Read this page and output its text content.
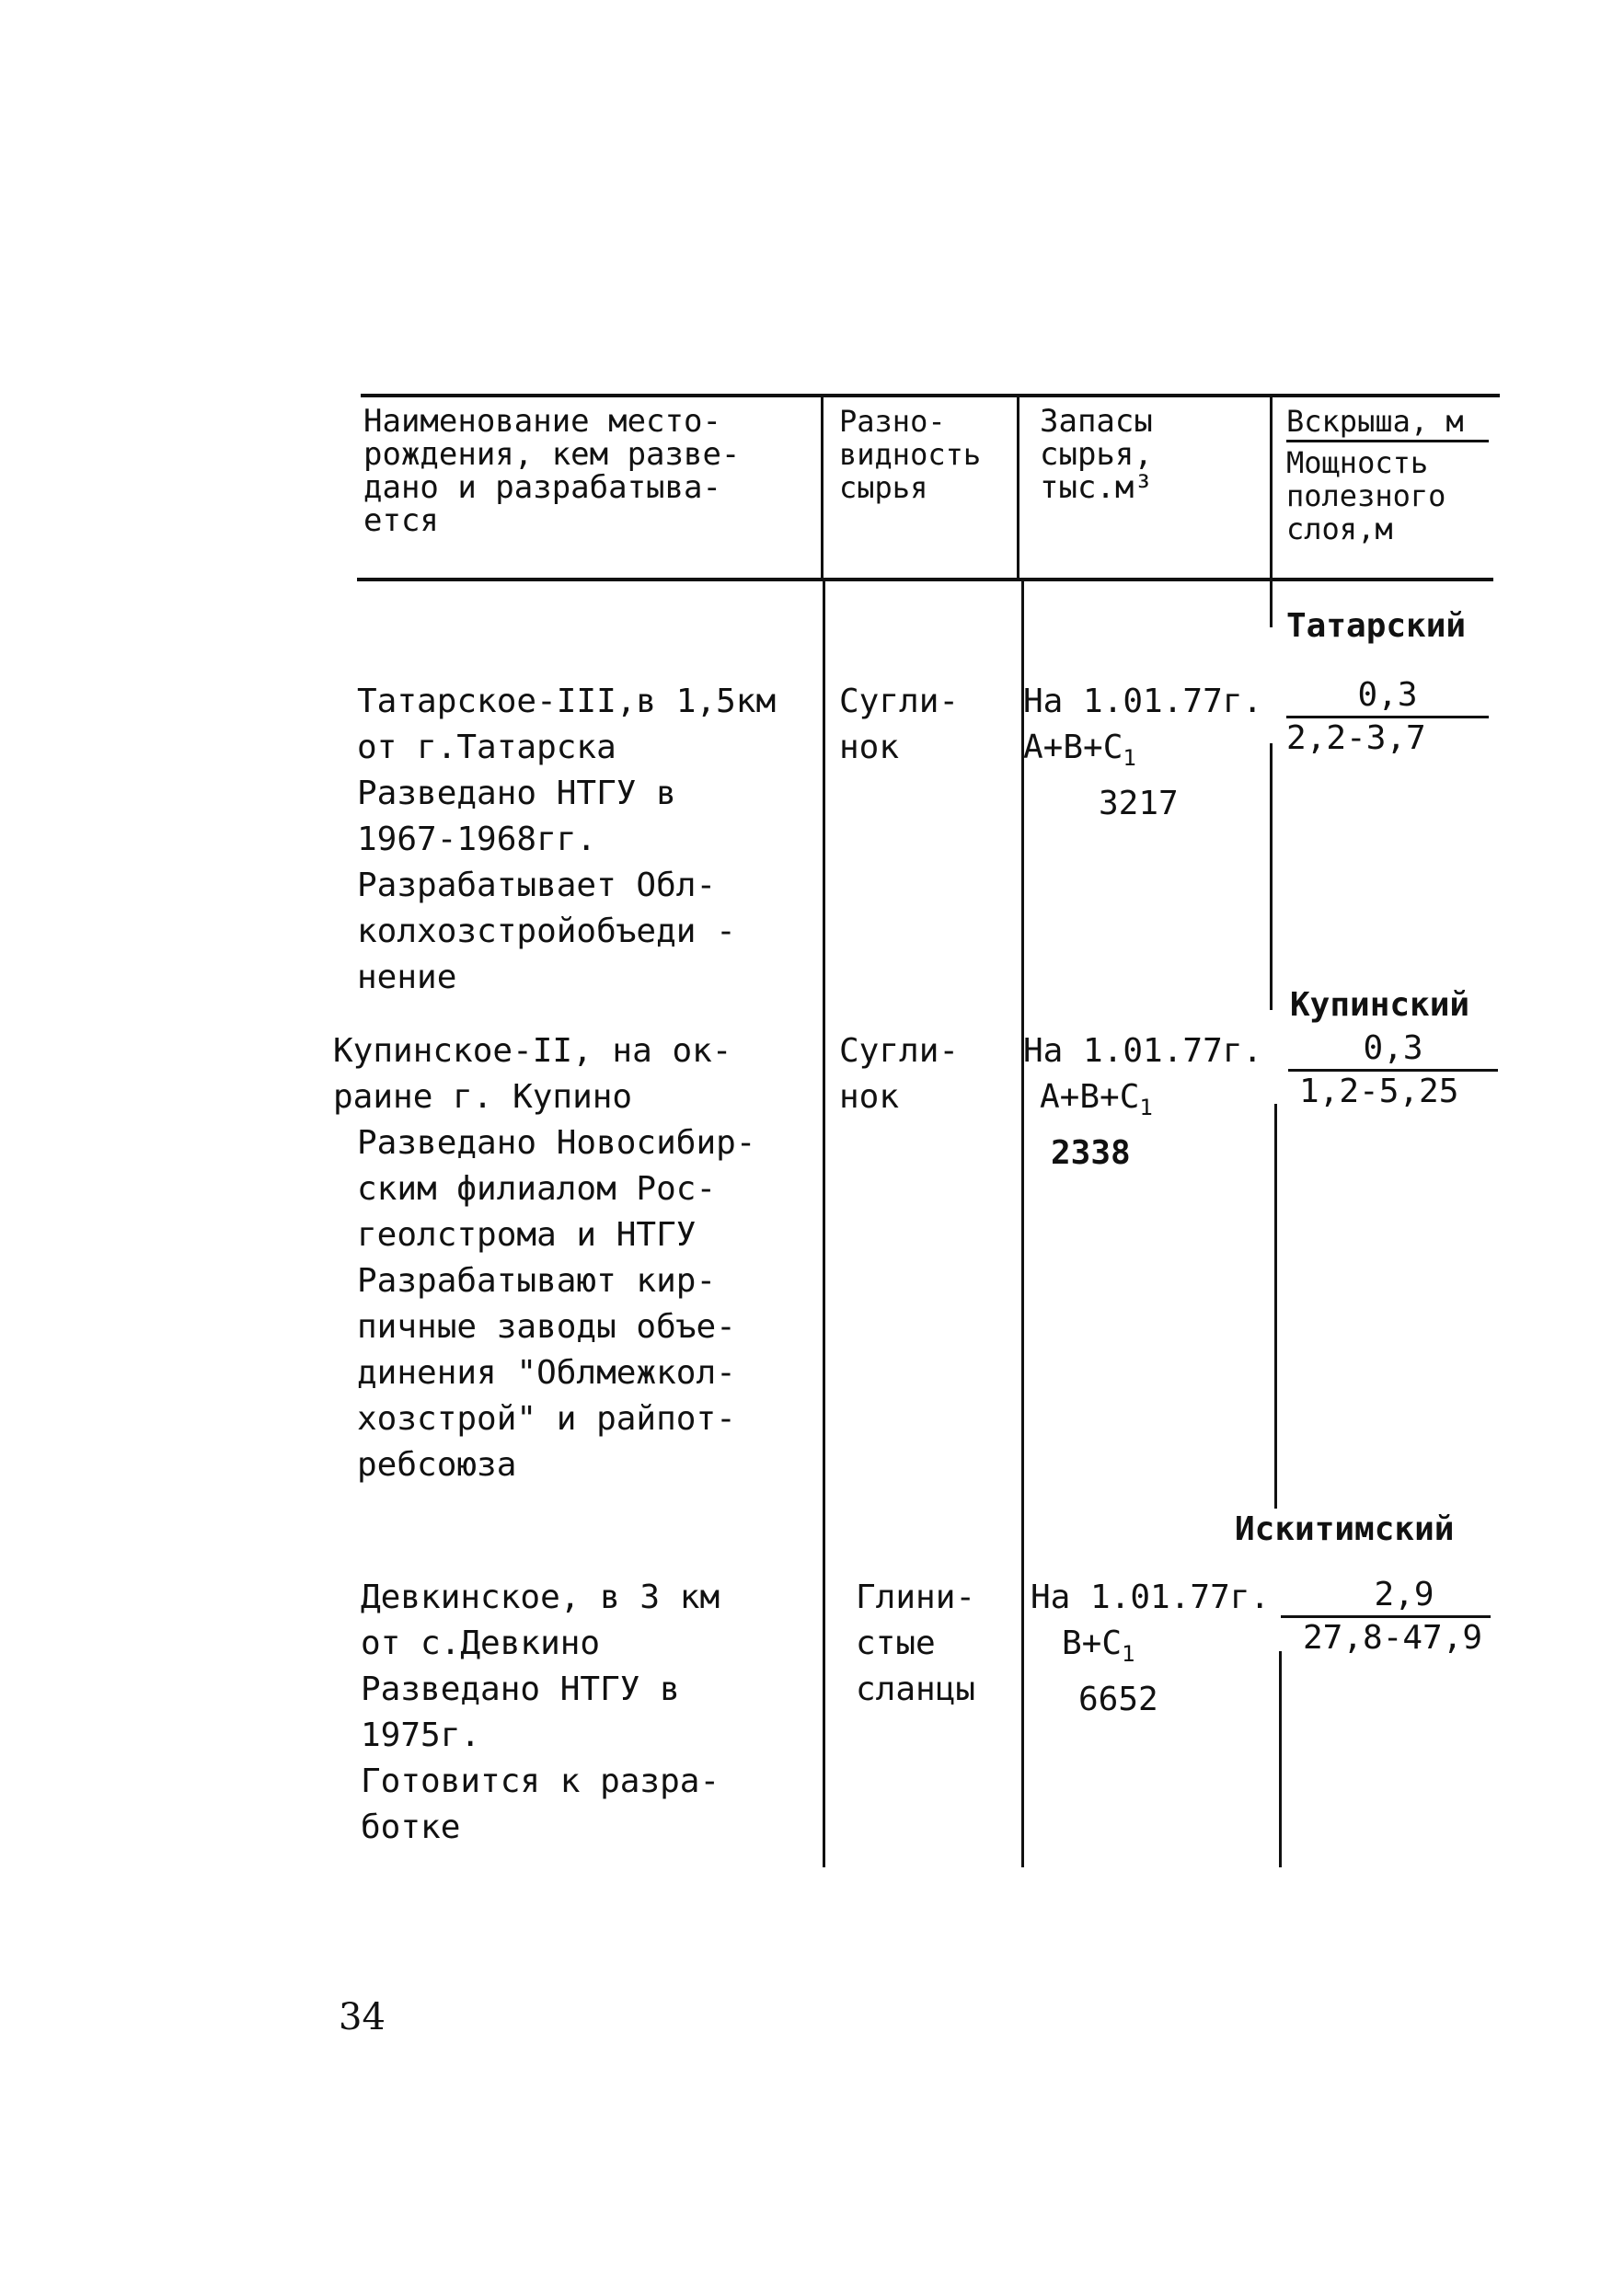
Наименование место-
рождения, кем разве-
дано и разрабатыва-
ется
Разно-
видность
сырья
Запасы
сырья,
тыс.м³
Вскрыша, м
Мощность
полезного
слоя,м
Татарский
Татарское-III,в 1,5км
от г.Татарска
Разведано НТГУ в
1967-1968гг.
Разрабатывает Обл-
колхозстройобъеди -
нение
Сугли-
нок
На 1.01.77г.
$А+В+С_1$
3217
0,3
2,2-3,7
Купинский
Купинское-II, на ок-
раине г. Купино
Разведано Новосибир-
ским филиалом Рос-
геолстрома и НТГУ
Разрабатывают кир-
пичные заводы объе-
динения "Облмежкол-
хозстрой" и райпот-
ребсоюза
Сугли-
нок
На 1.01.77г.
$А+В+С_1$
2338
0,3
1,2-5,25
Искитимский
Девкинское, в 3 км
от с.Девкино
Разведано НТГУ в
1975г.
Готовится к разра-
ботке
Глини-
стые
сланцы
На 1.01.77г.
$В+С_1$
6652
2,9
27,8-47,9
34
